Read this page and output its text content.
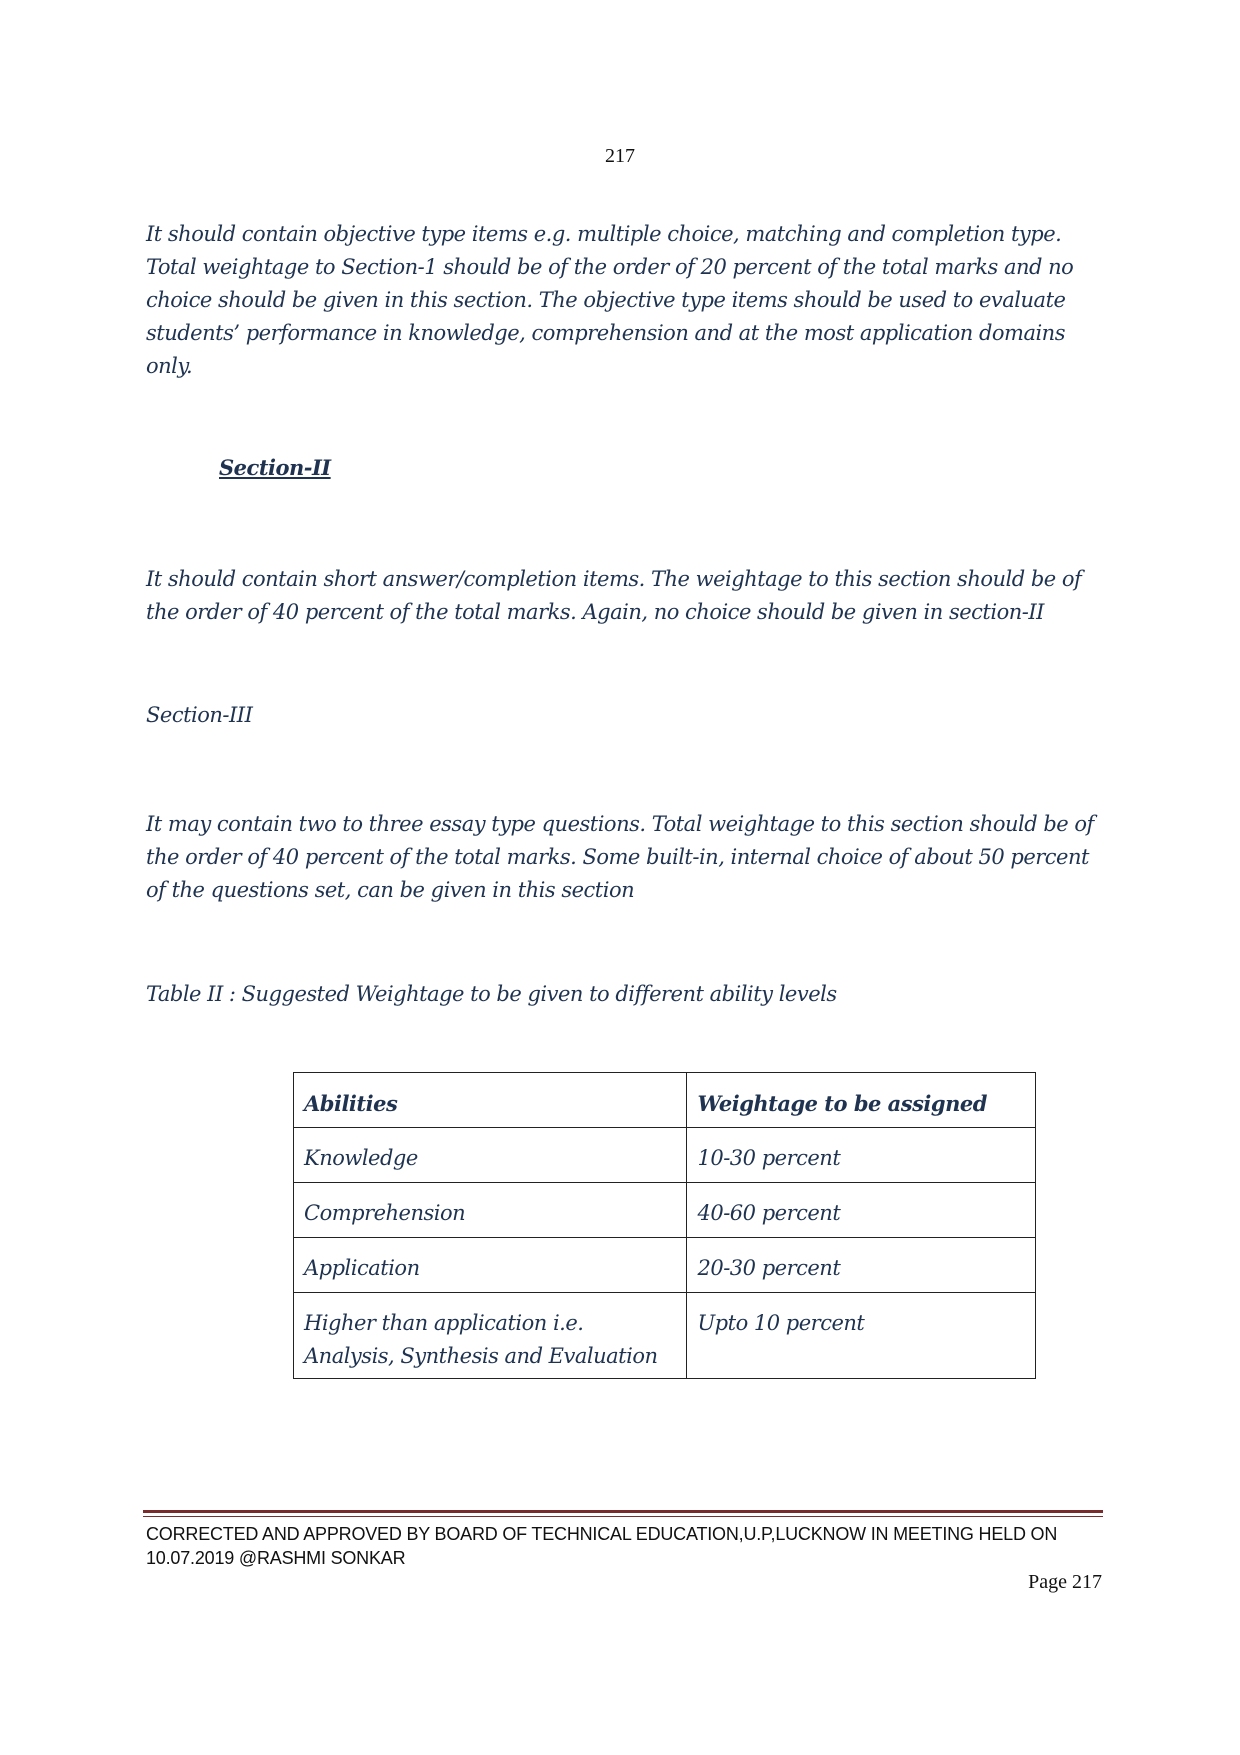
217
It should contain objective type items e.g. multiple choice, matching and completion type. Total weightage to Section-1 should be of the order of 20 percent of the total marks and no choice should be given in this section. The objective type items should be used to evaluate students’ performance in knowledge, comprehension and at the most application domains only.
Section-II
It should contain short answer/completion items. The weightage to this section should be of the order of 40 percent of the total marks. Again, no choice should be given in section-II
Section-III
It may contain two to three essay type questions. Total weightage to this section should be of the order of 40 percent of the total marks. Some built-in, internal choice of about 50 percent of the questions set, can be given in this section
Table II : Suggested Weightage to be given to different ability levels
Abilities	Weightage to be assigned
Knowledge	10-30 percent
Comprehension	40-60 percent
Application	20-30 percent
Higher than application i.e. Analysis, Synthesis and Evaluation	Upto 10 percent
CORRECTED AND APPROVED BY BOARD OF TECHNICAL EDUCATION,U.P,LUCKNOW IN MEETING HELD ON 10.07.2019 @RASHMI SONKAR
Page 217
